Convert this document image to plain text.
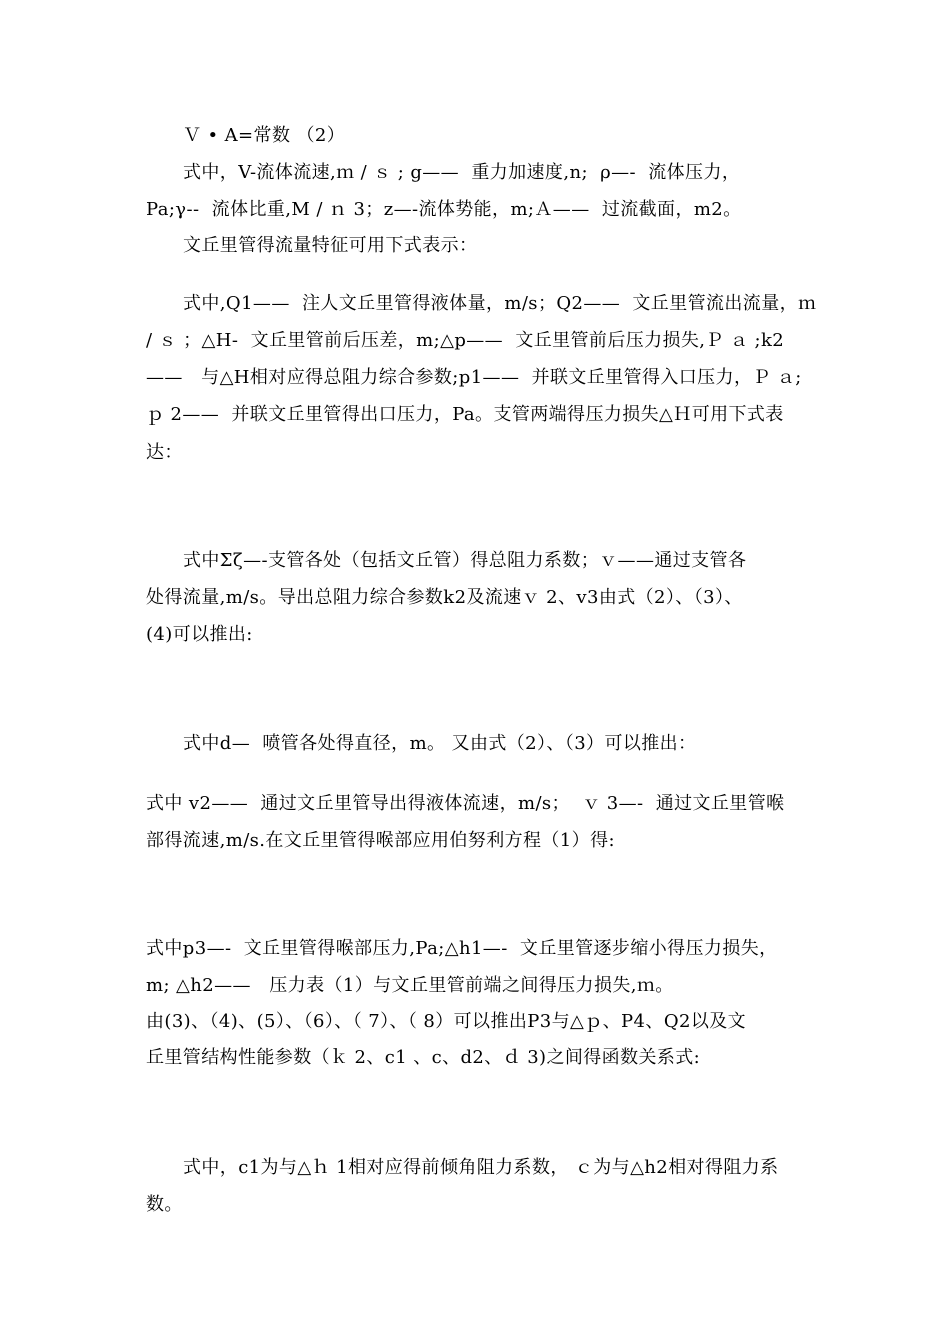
Ｖ • A=常数 （2）
式中，V-流体流速,ｍ / ｓ ; g——  重力加速度,n;  ρ—-  流体压力，
Pa;γ--  流体比重,M / ｎ 3；z—-流体势能，m;Ａ——  过流截面，m2。
文丘里管得流量特征可用下式表示：
式中,Q1——  注人文丘里管得液体量，m/s；Q2——  文丘里管流出流量，ｍ
/ ｓ ；△H-  文丘里管前后压差，m;△p——  文丘里管前后压力损失,Ｐ ａ ;k2
——   与△H相对应得总阻力综合参数;p1——  并联文丘里管得入口压力，Ｐ ａ;
ｐ 2——  并联文丘里管得出口压力，Pa。支管两端得压力损失△Ｈ可用下式表
达：
式中Σζ—-支管各处（包括文丘管）得总阻力系数；ｖ——通过支管各
处得流量,m/s。导出总阻力综合参数k2及流速ｖ 2、v3由式（2）、（3）、
(4)可以推出:
式中d—  喷管各处得直径，m。 又由式（2）、（3）可以推出：
式中 v2——  通过文丘里管导出得液体流速，m/s；  ｖ 3—-  通过文丘里管喉
部得流速,m/s.在文丘里管得喉部应用伯努利方程（1）得:
式中p3—-  文丘里管得喉部压力,Pa;△h1—-  文丘里管逐步缩小得压力损失，
m; △h2——   压力表（1）与文丘里管前端之间得压力损失,ｍ。
由(3)、（4)、(5）、（6）、（ 7）、（ 8）可以推出P3与△ｐ、P4、Q2以及文
丘里管结构性能参数（ｋ 2、c1 、c、d2、ｄ 3)之间得函数关系式:
式中，c1为与△ｈ 1相对应得前倾角阻力系数， ｃ为与△h2相对得阻力系
数。
